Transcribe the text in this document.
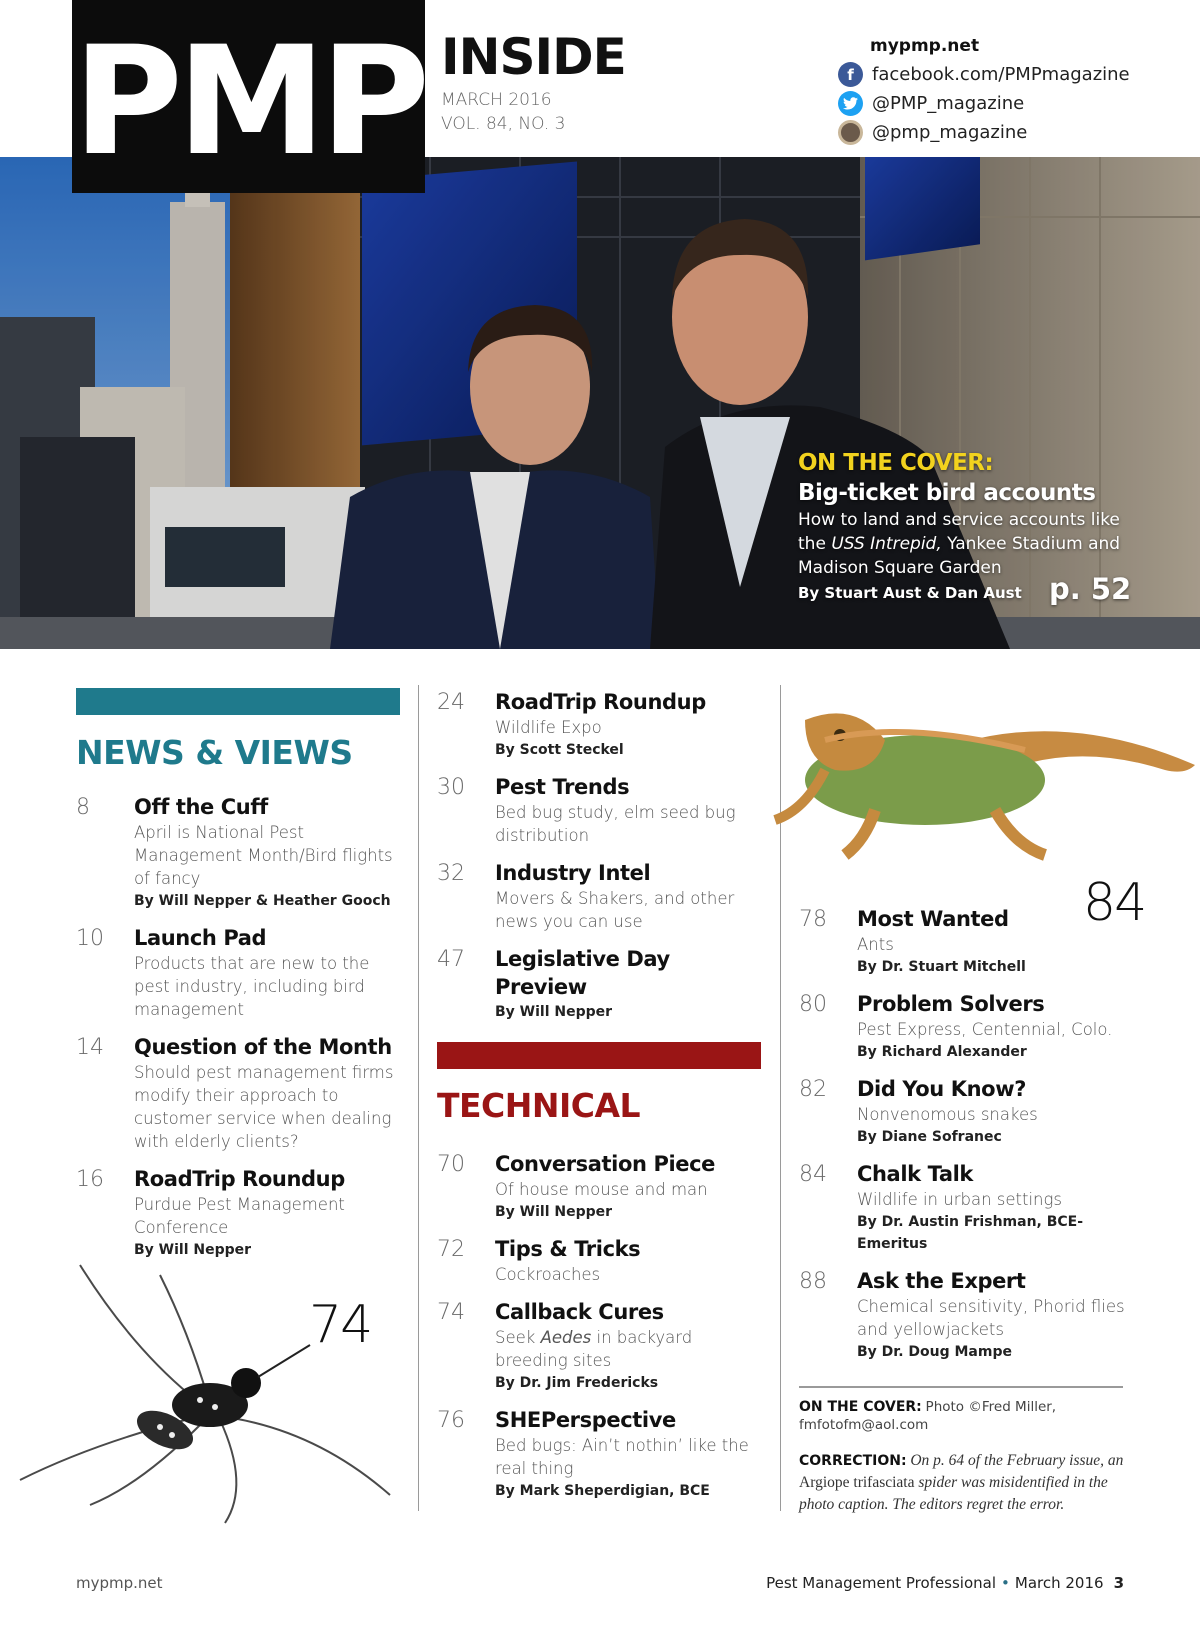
PMP INSIDE
MARCH 2016
VOL. 84, NO. 3
mypmp.net
f	facebook.com/PMPmagazine
@PMP_magazine
@pmp_magazine
ON THE COVER:
Big-ticket bird accounts
How to land and service accounts like the USS Intrepid, Yankee Stadium and Madison Square Garden
By Stuart Aust & Dan Aust p. 52
NEWS & VIEWS
8	Off the Cuff
April is National Pest Management Month/Bird flights of fancy
By Will Nepper & Heather Gooch
10	Launch Pad
Products that are new to the pest industry, including bird management
14	Question of the Month
Should pest management firms modify their approach to customer service when dealing with elderly clients?
16	RoadTrip Roundup
Purdue Pest Management Conference
By Will Nepper
74
24	RoadTrip Roundup
Wildlife Expo
By Scott Steckel
30	Pest Trends
Bed bug study, elm seed bug distribution
32	Industry Intel
Movers & Shakers, and other news you can use
47	Legislative Day Preview
By Will Nepper
TECHNICAL
70	Conversation Piece
Of house mouse and man
By Will Nepper
72	Tips & Tricks
Cockroaches
74	Callback Cures
Seek Aedes in backyard breeding sites
By Dr. Jim Fredericks
76	SHEPerspective
Bed bugs: Ain’t nothin’ like the real thing
By Mark Sheperdigian, BCE
84
78	Most Wanted
Ants
By Dr. Stuart Mitchell
80	Problem Solvers
Pest Express, Centennial, Colo.
By Richard Alexander
82	Did You Know?
Nonvenomous snakes
By Diane Sofranec
84	Chalk Talk
Wildlife in urban settings
By Dr. Austin Frishman, BCE-Emeritus
88	Ask the Expert
Chemical sensitivity, Phorid flies and yellowjackets
By Dr. Doug Mampe
ON THE COVER: Photo ©Fred Miller, fmfotofm@aol.com
CORRECTION: On p. 64 of the February issue, an Argiope trifasciata spider was misidentified in the photo caption. The editors regret the error.
mypmp.net	Pest Management Professional • March 2016 3
